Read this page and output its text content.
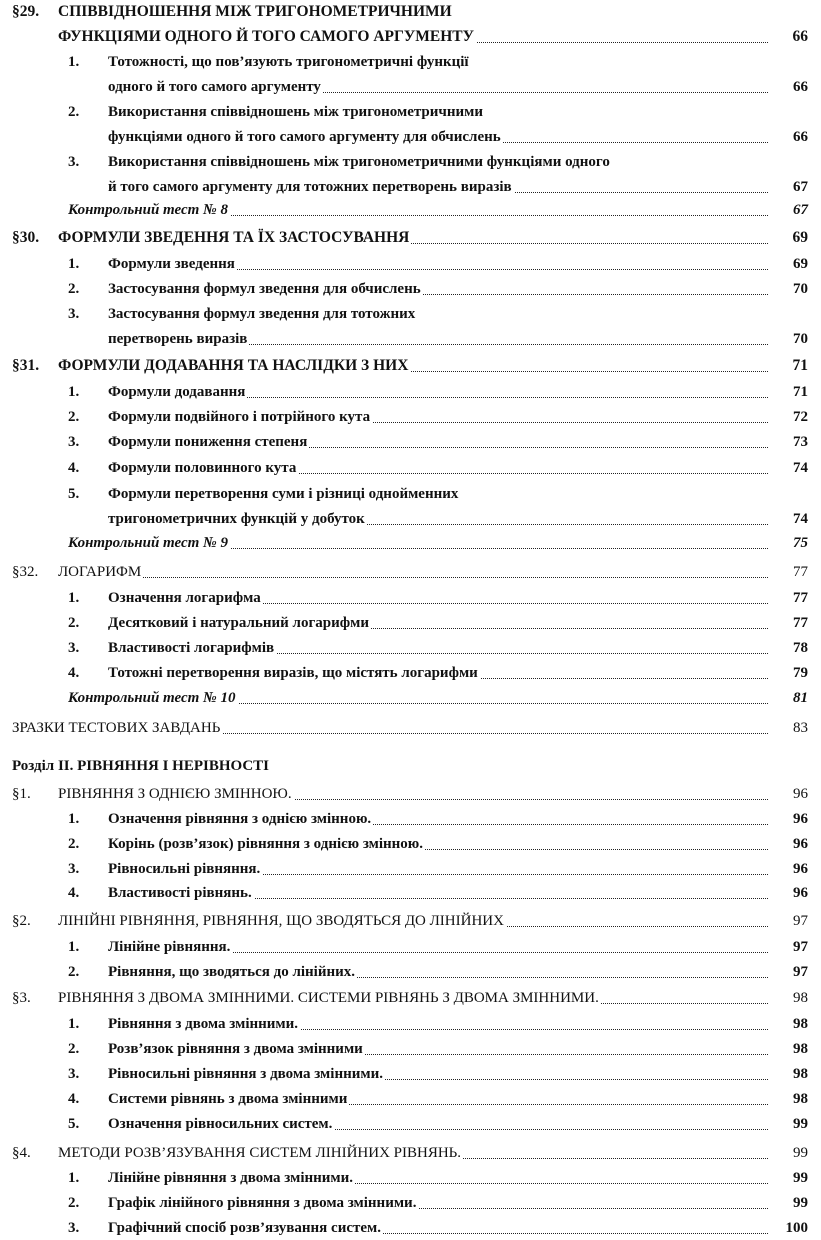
§29. СПІВВІДНОШЕННЯ МІЖ ТРИГОНОМЕТРИЧНИМИ
ФУНКЦІЯМИ ОДНОГО Й ТОГО САМОГО АРГУМЕНТУ	66
1. Тотожності, що пов’язують тригонометричні функції
одного й того самого аргументу	66
2. Використання співвідношень між тригонометричними
функціями одного й того самого аргументу для обчислень	66
3. Використання співвідношень між тригонометричними функціями одного
й того самого аргументу для тотожних перетворень виразів	67
Контрольний тест № 8	67
§30. ФОРМУЛИ ЗВЕДЕННЯ ТА ЇХ ЗАСТОСУВАННЯ	69
1. Формули зведення	69
2. Застосування формул зведення для обчислень	70
3. Застосування формул зведення для тотожних
перетворень виразів	70
§31. ФОРМУЛИ ДОДАВАННЯ ТА НАСЛІДКИ З НИХ	71
1. Формули додавання	71
2. Формули подвійного і потрійного кута	72
3. Формули пониження степеня	73
4. Формули половинного кута	74
5. Формули перетворення суми і різниці однойменних
тригонометричних функцій у добуток	74
Контрольний тест № 9	75
§32. ЛОГАРИФМ	77
1. Означення логарифма	77
2. Десятковий і натуральний логарифми	77
3. Властивості логарифмів	78
4. Тотожні перетворення виразів, що містять логарифми	79
Контрольний тест № 10	81
ЗРАЗКИ ТЕСТОВИХ ЗАВДАНЬ	83
Розділ II. РІВНЯННЯ І НЕРІВНОСТІ
§1. РІВНЯННЯ З ОДНІЄЮ ЗМІННОЮ.	96
1. Означення рівняння з однією змінною.	96
2. Корінь (розв’язок) рівняння з однією змінною.	96
3. Рівносильні рівняння.	96
4. Властивості рівнянь.	96
§2. ЛІНІЙНІ РІВНЯННЯ, РІВНЯННЯ, ЩО ЗВОДЯТЬСЯ ДО ЛІНІЙНИХ	97
1. Лінійне рівняння.	97
2. Рівняння, що зводяться до лінійних.	97
§3. РІВНЯННЯ З ДВОМА ЗМІННИМИ. СИСТЕМИ РІВНЯНЬ З ДВОМА ЗМІННИМИ.	98
1. Рівняння з двома змінними.	98
2. Розв’язок рівняння з двома змінними	98
3. Рівносильні рівняння з двома змінними.	98
4. Системи рівнянь з двома змінними	98
5. Означення рівносильних систем.	99
§4. МЕТОДИ РОЗВ’ЯЗУВАННЯ СИСТЕМ ЛІНІЙНИХ РІВНЯНЬ.	99
1. Лінійне рівняння з двома змінними.	99
2. Графік лінійного рівняння з двома змінними.	99
3. Графічний спосіб розв’язування систем.	100
